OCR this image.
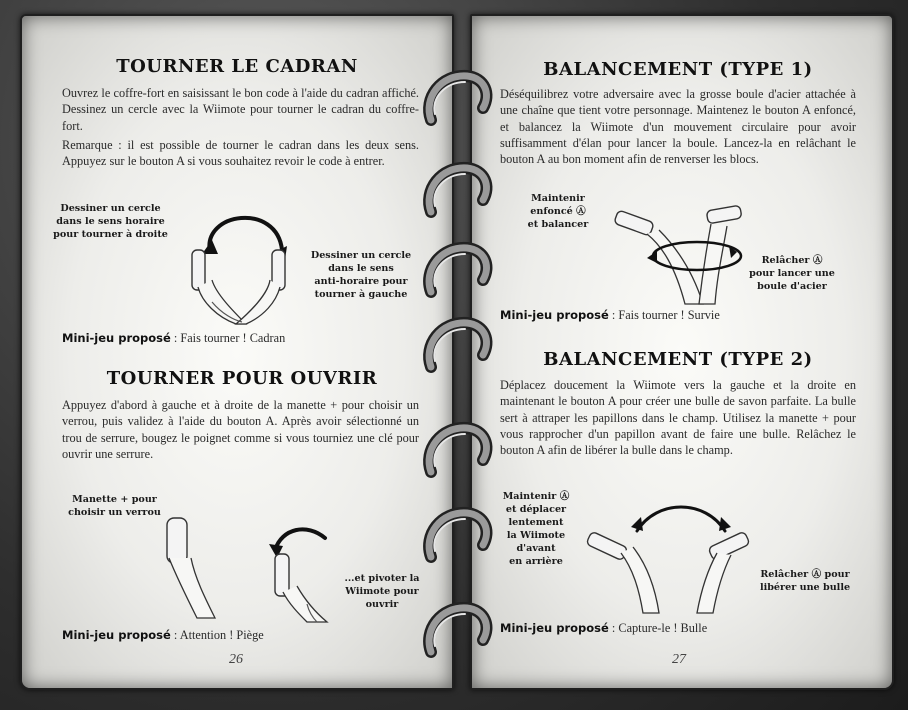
TOURNER LE CADRAN
Ouvrez le coffre-fort en saisissant le bon code à l'aide du cadran affiché. Dessinez un cercle avec la Wiimote pour tourner le cadran du coffre-fort.
Remarque : il est possible de tourner le cadran dans les deux sens. Appuyez sur le bouton A si vous souhaitez revoir le code à entrer.
Dessiner un cercle
dans le sens horaire
pour tourner à droite
Dessiner un cercle
dans le sens
anti-horaire pour
tourner à gauche
Mini-jeu proposé : Fais tourner ! Cadran
TOURNER POUR OUVRIR
Appuyez d'abord à gauche et à droite de la manette + pour choisir un verrou, puis validez à l'aide du bouton A. Après avoir sélectionné un trou de serrure, bougez le poignet comme si vous tourniez une clé pour ouvrir une serrure.
Manette + pour
choisir un verrou
...et pivoter la
Wiimote pour
ouvrir
Mini-jeu proposé : Attention ! Piège
26
BALANCEMENT (TYPE 1)
Déséquilibrez votre adversaire avec la grosse boule d'acier attachée à une chaîne que tient votre personnage. Maintenez le bouton A enfoncé, et balancez la Wiimote d'un mouvement circulaire pour avoir suffisamment d'élan pour lancer la boule. Lancez-la en relâchant le bouton A au bon moment afin de renverser les blocs.
Maintenir
enfoncé Ⓐ
et balancer
Relâcher Ⓐ
pour lancer une
boule d'acier
Mini-jeu proposé : Fais tourner ! Survie
BALANCEMENT (TYPE 2)
Déplacez doucement la Wiimote vers la gauche et la droite en maintenant le bouton A pour créer une bulle de savon parfaite. La bulle sert à attraper les papillons dans le champ. Utilisez la manette + pour vous rapprocher d'un papillon avant de faire une bulle. Relâchez le bouton A afin de libérer la bulle dans le champ.
Maintenir Ⓐ
et déplacer
lentement
la Wiimote
d'avant
en arrière
Relâcher Ⓐ pour
libérer une bulle
Mini-jeu proposé : Capture-le ! Bulle
27
